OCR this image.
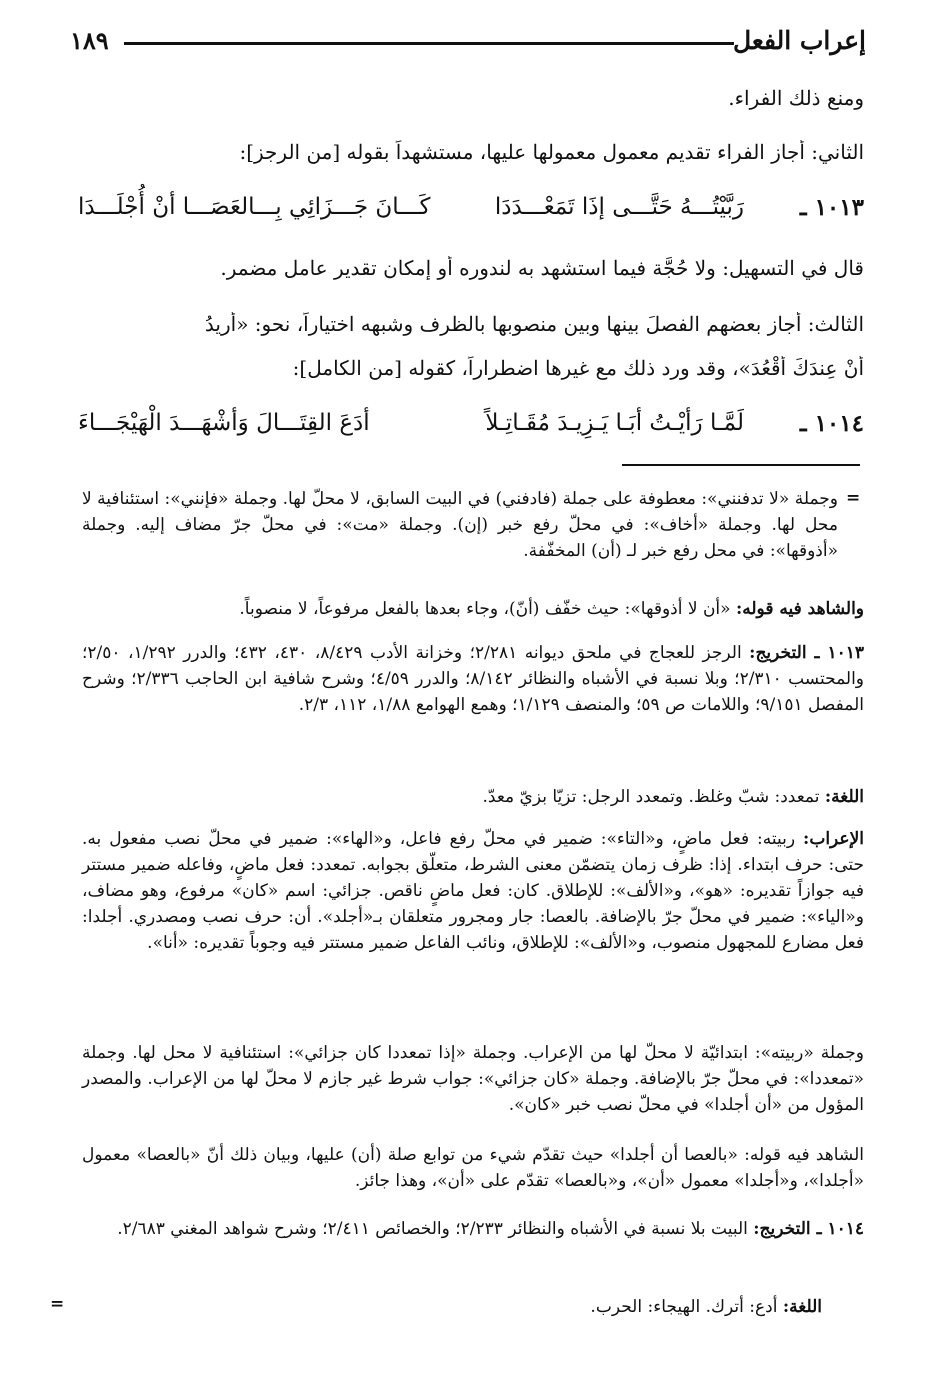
إعراب الفعل
١٨٩
ومنع ذلك الفراء.
الثاني: أجاز الفراء تقديم معمول معمولها عليها، مستشهداً بقوله [من الرجز]:
١٠١٣ ـ
رَبَّيْتُـــهُ حَتَّـــى إذَا تَمَعْـــدَدَا
كَـــانَ جَـــزَائِي بِـــالعَصَـــا أنْ أُجْلَـــدَا
قال في التسهيل: ولا حُجَّة فيما استشهد به لندوره أو إمكان تقدير عامل مضمر.
الثالث: أجاز بعضهم الفصلَ بينها وبين منصوبها بالظرف وشبهه اختياراً، نحو: «أريدُ
أنْ عِندَكَ أقْعُدَ»، وقد ورد ذلك مع غيرها اضطراراً، كقوله [من الكامل]:
١٠١٤ ـ
لَمَّـا رَأيْـتُ أبَـا يَـزِيـدَ مُقَـاتِـلاً
أدَعَ القِتَـــالَ وَأشْهَـــدَ الْهَيْجَـــاءَ
=
وجملة «لا تدفنني»: معطوفة على جملة (فادفني) في البيت السابق، لا محلّ لها. وجملة «فإنني»: استئنافية لا محل لها. وجملة «أخاف»: في محلّ رفع خبر (إن). وجملة «مت»: في محلّ جرّ مضاف إليه. وجملة «أذوقها»: في محل رفع خبر لـ (أن) المخفّفة.
والشاهد فيه قوله: «أن لا أذوقها»: حيث خفّف (أنّ)، وجاء بعدها بالفعل مرفوعاً، لا منصوباً.
١٠١٣ ـ التخريج: الرجز للعجاج في ملحق ديوانه ٢/٢٨١؛ وخزانة الأدب ٨/٤٢٩، ٤٣٠، ٤٣٢؛ والدرر ١/٢٩٢، ٢/٥٠؛ والمحتسب ٢/٣١٠؛ وبلا نسبة في الأشباه والنظائر ٨/١٤٢؛ والدرر ٤/٥٩؛ وشرح شافية ابن الحاجب ٢/٣٣٦؛ وشرح المفصل ٩/١٥١؛ واللامات ص ٥٩؛ والمنصف ١/١٢٩؛ وهمع الهوامع ١/٨٨، ١١٢، ٢/٣.
اللغة: تمعدد: شبّ وغلظ. وتمعدد الرجل: تزيّا بزيّ معدّ.
الإعراب: ربيته: فعل ماضٍ، و«التاء»: ضمير في محلّ رفع فاعل، و«الهاء»: ضمير في محلّ نصب مفعول به. حتى: حرف ابتداء. إذا: ظرف زمان يتضمّن معنى الشرط، متعلّق بجوابه. تمعدد: فعل ماضٍ، وفاعله ضمير مستتر فيه جوازاً تقديره: «هو»، و«الألف»: للإطلاق. كان: فعل ماضٍ ناقص. جزائي: اسم «كان» مرفوع، وهو مضاف، و«الياء»: ضمير في محلّ جرّ بالإضافة. بالعصا: جار ومجرور متعلقان بـ«أجلد». أن: حرف نصب ومصدري. أجلدا: فعل مضارع للمجهول منصوب، و«الألف»: للإطلاق، ونائب الفاعل ضمير مستتر فيه وجوباً تقديره: «أنا».
وجملة «ربيته»: ابتدائيّة لا محلّ لها من الإعراب. وجملة «إذا تمعددا كان جزائي»: استئنافية لا محل لها. وجملة «تمعددا»: في محلّ جرّ بالإضافة. وجملة «كان جزائي»: جواب شرط غير جازم لا محلّ لها من الإعراب. والمصدر المؤول من «أن أجلدا» في محلّ نصب خبر «كان».
الشاهد فيه قوله: «بالعصا أن أجلدا» حيث تقدّم شيء من توابع صلة (أن) عليها، وبيان ذلك أنّ «بالعصا» معمول «أجلدا»، و«أجلدا» معمول «أن»، و«بالعصا» تقدّم على «أن»، وهذا جائز.
١٠١٤ ـ التخريج: البيت بلا نسبة في الأشباه والنظائر ٢/٢٣٣؛ والخصائص ٢/٤١١؛ وشرح شواهد المغني ٢/٦٨٣.
اللغة: أدع: أترك. الهيجاء: الحرب.
=
